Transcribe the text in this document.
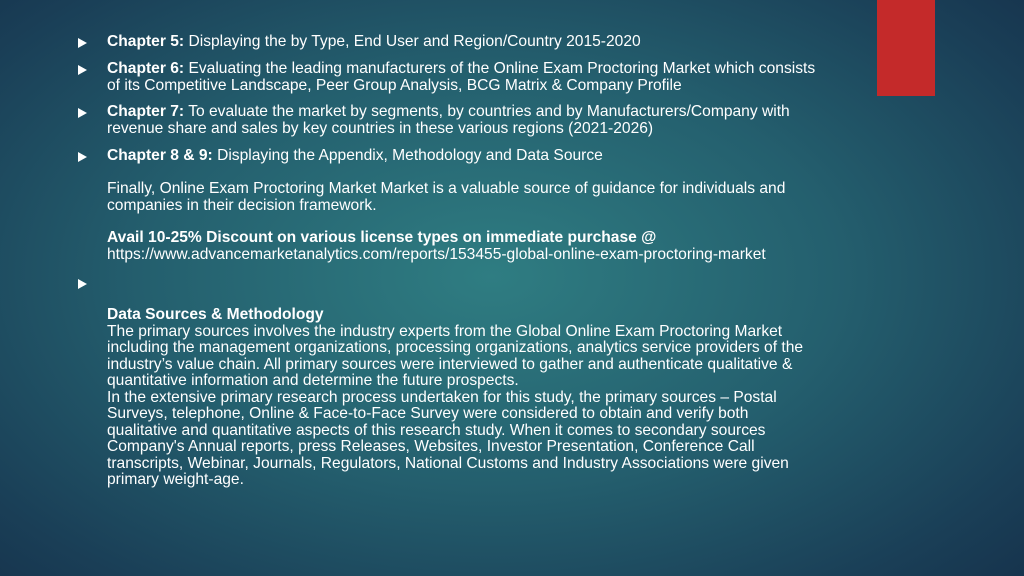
Chapter 5: Displaying the by Type, End User and Region/Country 2015-2020
Chapter 6: Evaluating the leading manufacturers of the Online Exam Proctoring Market which consists
of its Competitive Landscape, Peer Group Analysis, BCG Matrix & Company Profile
Chapter 7: To evaluate the market by segments, by countries and by Manufacturers/Company with
revenue share and sales by key countries in these various regions (2021-2026)
Chapter 8 & 9: Displaying the Appendix, Methodology and Data Source
Finally, Online Exam Proctoring Market Market is a valuable source of guidance for individuals and
companies in their decision framework.
Avail 10-25% Discount on various license types on immediate purchase @
https://www.advancemarketanalytics.com/reports/153455-global-online-exam-proctoring-market
Data Sources & Methodology
The primary sources involves the industry experts from the Global Online Exam Proctoring Market
including the management organizations, processing organizations, analytics service providers of the
industry’s value chain. All primary sources were interviewed to gather and authenticate qualitative &
quantitative information and determine the future prospects.
In the extensive primary research process undertaken for this study, the primary sources – Postal
Surveys, telephone, Online & Face-to-Face Survey were considered to obtain and verify both
qualitative and quantitative aspects of this research study. When it comes to secondary sources
Company's Annual reports, press Releases, Websites, Investor Presentation, Conference Call
transcripts, Webinar, Journals, Regulators, National Customs and Industry Associations were given
primary weight-age.
